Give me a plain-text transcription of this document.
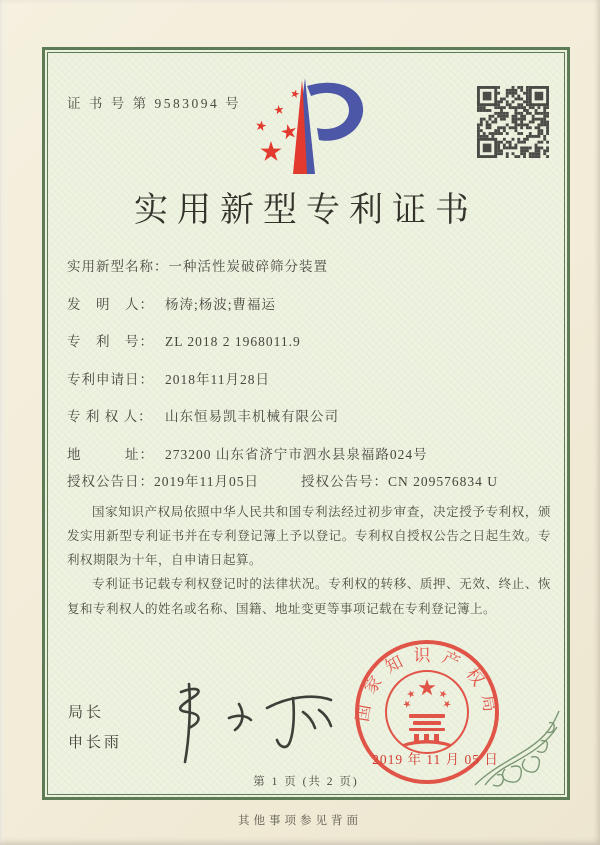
证 书 号 第 9583094 号
实用新型专利证书
实用新型名称：一种活性炭破碎筛分装置
发　明　人： 杨涛;杨波;曹福运
专　利　号： ZL 2018 2 1968011.9
专利申请日： 2018年11月28日
专 利 权 人： 山东恒易凯丰机械有限公司
地　　　址： 273200 山东省济宁市泗水县泉福路024号
授权公告日：2019年11月05日	授权公告号：CN 209576834 U

国家知识产权局依照中华人民共和国专利法经过初步审查，决定授予专利权，颁发实用新型专利证书并在专利登记簿上予以登记。专利权自授权公告之日起生效。专利权期限为十年，自申请日起算。

专利证书记载专利权登记时的法律状况。专利权的转移、质押、无效、终止、恢复和专利权人的姓名或名称、国籍、地址变更等事项记载在专利登记簿上。

局长
申长雨
国家知识产权局
2019 年 11 月 05 日
第 1 页 (共 2 页)
其他事项参见背面
